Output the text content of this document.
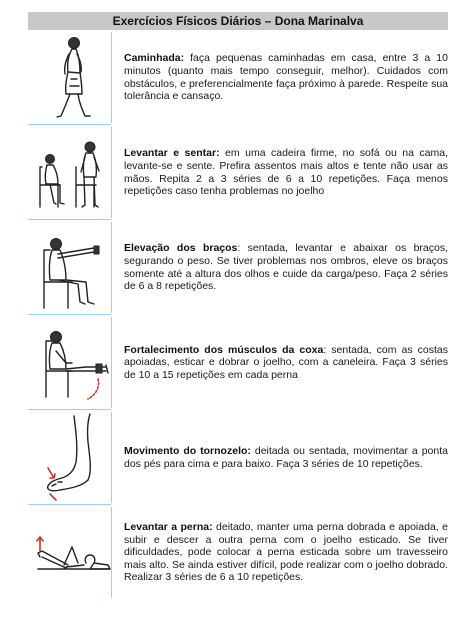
Exercícios Físicos Diários – Dona Marinalva

Caminhada: faça pequenas caminhadas em casa, entre 3 a 10 minutos (quanto mais tempo conseguir, melhor). Cuidados com obstáculos, e preferencialmente faça próximo à parede. Respeite sua tolerância e cansaço.

Levantar e sentar: em uma cadeira firme, no sofá ou na cama, levante-se e sente. Prefira assentos mais altos e tente não usar as mãos. Repita 2 a 3 séries de 6 a 10 repetições. Faça menos repetições caso tenha problemas no joelho

Elevação dos braços: sentada, levantar e abaixar os braços, segurando o peso. Se tiver problemas nos ombros, eleve os braços somente até a altura dos olhos e cuide da carga/peso. Faça 2 séries de 6 a 8 repetições.

Fortalecimento dos músculos da coxa: sentada, com as costas apoiadas, esticar e dobrar o joelho, com a caneleira. Faça 3 séries de 10 a 15 repetições em cada perna

Movimento do tornozelo: deitada ou sentada, movimentar a ponta dos pés para cima e para baixo. Faça 3 séries de 10 repetições.

Levantar a perna: deitado, manter uma perna dobrada e apoiada, e subir e descer a outra perna com o joelho esticado. Se tiver dificuldades, pode colocar a perna esticada sobre um travesseiro mais alto. Se ainda estiver difícil, pode realizar com o joelho dobrado. Realizar 3 séries de 6 a 10 repetições.
